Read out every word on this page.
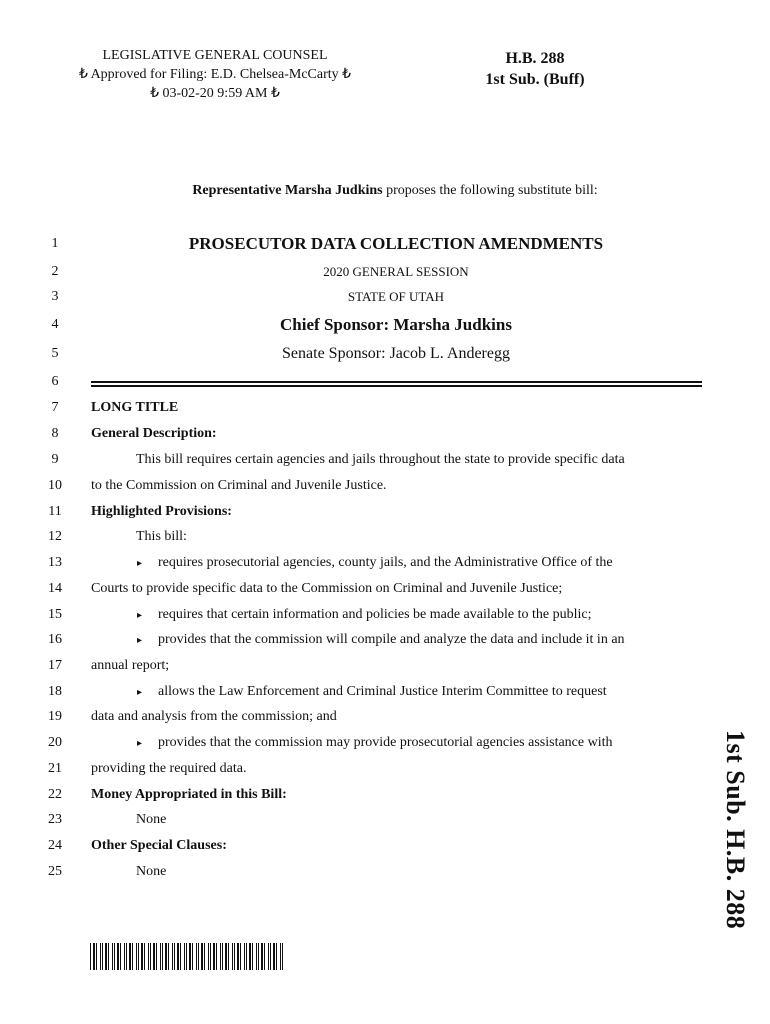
LEGISLATIVE GENERAL COUNSEL
₺ Approved for Filing: E.D. Chelsea-McCarty ₺
₺ 03-02-20 9:59 AM ₺
H.B. 288
1st Sub. (Buff)
Representative Marsha Judkins proposes the following substitute bill:
1
2
3
4
5
6
7
8
9
10
11
12
13
14
15
16
17
18
19
20
21
22
23
24
25
PROSECUTOR DATA COLLECTION AMENDMENTS
2020 GENERAL SESSION
STATE OF UTAH
Chief Sponsor: Marsha Judkins
Senate Sponsor: Jacob L. Anderegg
LONG TITLE
General Description:
This bill requires certain agencies and jails throughout the state to provide specific data
to the Commission on Criminal and Juvenile Justice.
Highlighted Provisions:
This bill:
▸ requires prosecutorial agencies, county jails, and the Administrative Office of the
Courts to provide specific data to the Commission on Criminal and Juvenile Justice;
▸ requires that certain information and policies be made available to the public;
▸ provides that the commission will compile and analyze the data and include it in an
annual report;
▸ allows the Law Enforcement and Criminal Justice Interim Committee to request
data and analysis from the commission; and
▸ provides that the commission may provide prosecutorial agencies assistance with
providing the required data.
Money Appropriated in this Bill:
None
Other Special Clauses:
None	1st Sub. H.B. 288
